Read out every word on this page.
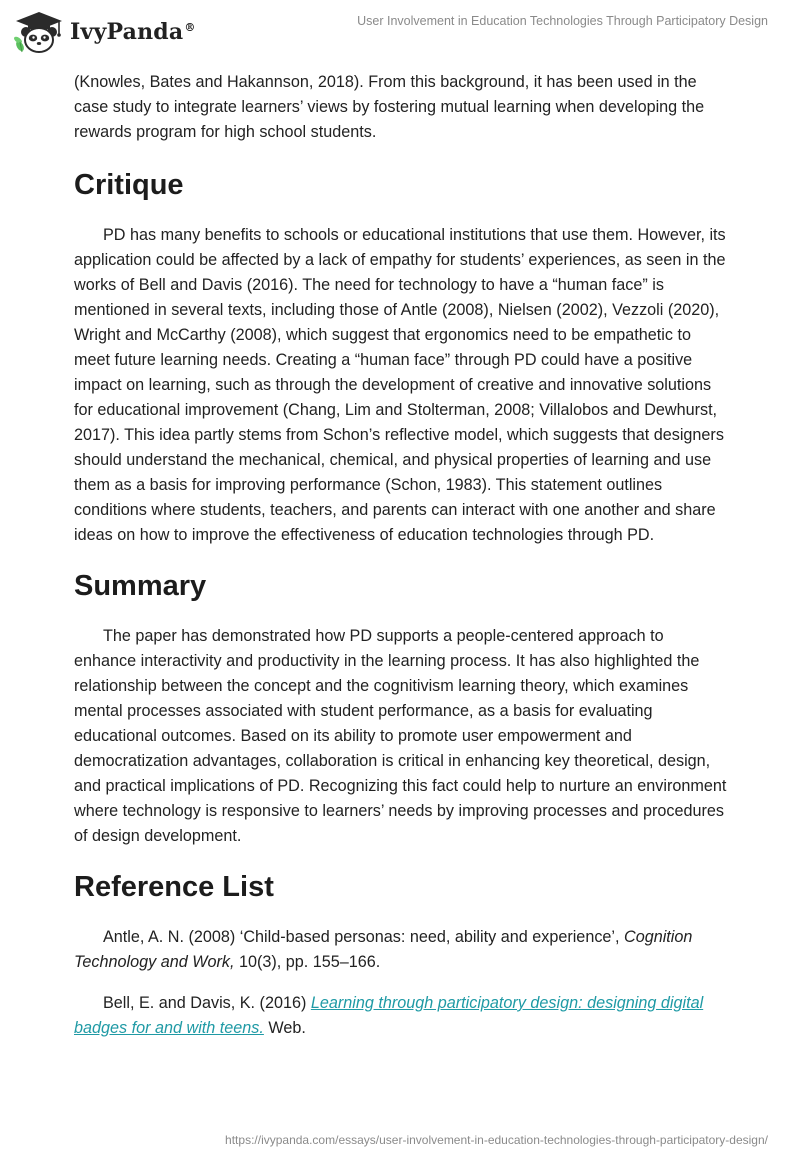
IvyPanda®	User Involvement in Education Technologies Through Participatory Design

(Knowles, Bates and Hakannson, 2018). From this background, it has been used in the case study to integrate learners’ views by fostering mutual learning when developing the rewards program for high school students.

Critique

PD has many benefits to schools or educational institutions that use them. However, its application could be affected by a lack of empathy for students’ experiences, as seen in the works of Bell and Davis (2016). The need for technology to have a “human face” is mentioned in several texts, including those of Antle (2008), Nielsen (2002), Vezzoli (2020), Wright and McCarthy (2008), which suggest that ergonomics need to be empathetic to meet future learning needs. Creating a “human face” through PD could have a positive impact on learning, such as through the development of creative and innovative solutions for educational improvement (Chang, Lim and Stolterman, 2008; Villalobos and Dewhurst, 2017). This idea partly stems from Schon’s reflective model, which suggests that designers should understand the mechanical, chemical, and physical properties of learning and use them as a basis for improving performance (Schon, 1983). This statement outlines conditions where students, teachers, and parents can interact with one another and share ideas on how to improve the effectiveness of education technologies through PD.

Summary

The paper has demonstrated how PD supports a people-centered approach to enhance interactivity and productivity in the learning process. It has also highlighted the relationship between the concept and the cognitivism learning theory, which examines mental processes associated with student performance, as a basis for evaluating educational outcomes. Based on its ability to promote user empowerment and democratization advantages, collaboration is critical in enhancing key theoretical, design, and practical implications of PD. Recognizing this fact could help to nurture an environment where technology is responsive to learners’ needs by improving processes and procedures of design development.

Reference List

Antle, A. N. (2008) ‘Child-based personas: need, ability and experience’, Cognition Technology and Work, 10(3), pp. 155–166.

Bell, E. and Davis, K. (2016) Learning through participatory design: designing digital badges for and with teens. Web.

https://ivypanda.com/essays/user-involvement-in-education-technologies-through-participatory-design/
